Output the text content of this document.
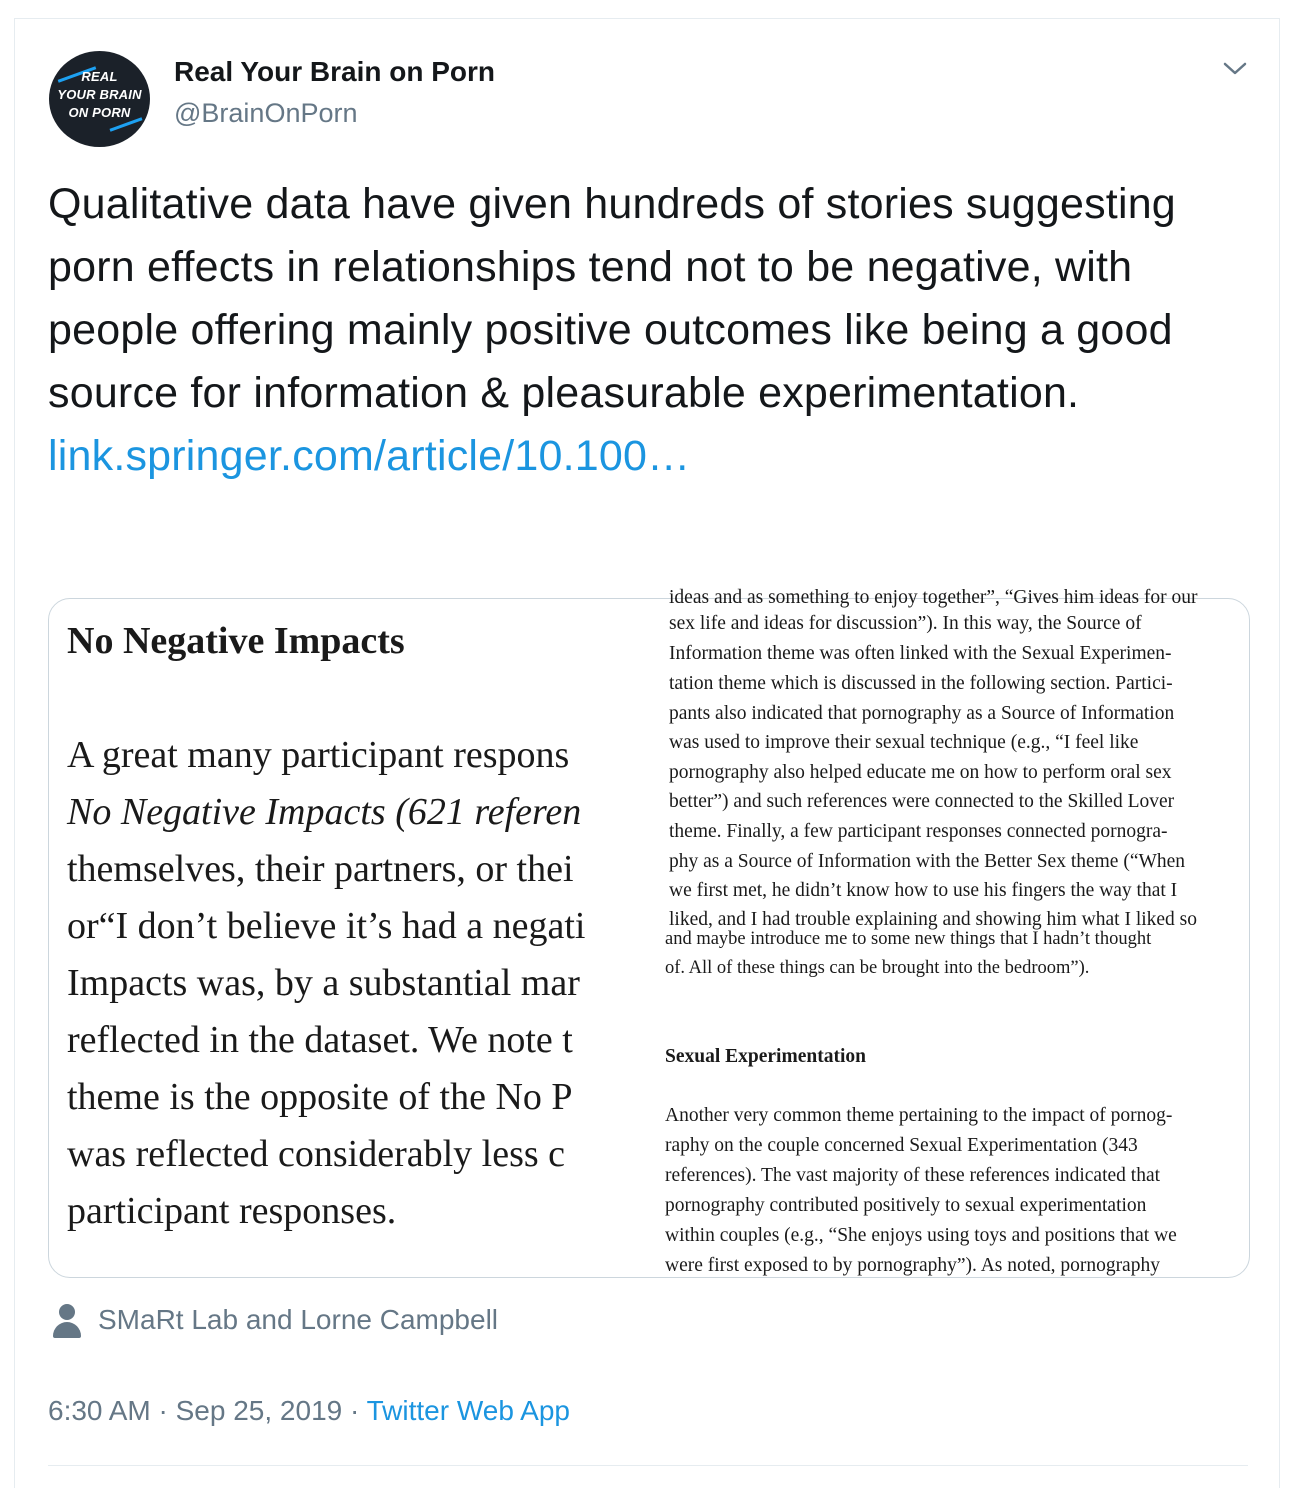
REAL
YOUR BRAIN
ON PORN
Real Your Brain on Porn
@BrainOnPorn
Qualitative data have given hundreds of stories suggesting porn effects in relationships tend not to be negative, with people offering mainly positive outcomes like being a good source for information & pleasurable experimentation.
link.springer.com/article/10.100…
No Negative Impacts
A great many participant respons
No Negative Impacts (621 referen
themselves, their partners, or thei
or“I don’t believe it’s had a negati
Impacts was, by a substantial mar
reflected in the dataset. We note t
theme is the opposite of the No P
was reflected considerably less c
participant responses.
ideas and as something to enjoy together”, “Gives him ideas for our
sex life and ideas for discussion”). In this way, the Source of
Information theme was often linked with the Sexual Experimen-
tation theme which is discussed in the following section. Partici-
pants also indicated that pornography as a Source of Information
was used to improve their sexual technique (e.g., “I feel like
pornography also helped educate me on how to perform oral sex
better”) and such references were connected to the Skilled Lover
theme. Finally, a few participant responses connected pornogra-
phy as a Source of Information with the Better Sex theme (“When
we first met, he didn’t know how to use his fingers the way that I
liked, and I had trouble explaining and showing him what I liked so
and maybe introduce me to some new things that I hadn’t thought
of. All of these things can be brought into the bedroom”).
Sexual Experimentation
Another very common theme pertaining to the impact of pornog-
raphy on the couple concerned Sexual Experimentation (343
references). The vast majority of these references indicated that
pornography contributed positively to sexual experimentation
within couples (e.g., “She enjoys using toys and positions that we
were first exposed to by pornography”). As noted, pornography
SMaRt Lab and Lorne Campbell
6:30 AM · Sep 25, 2019 · Twitter Web App
